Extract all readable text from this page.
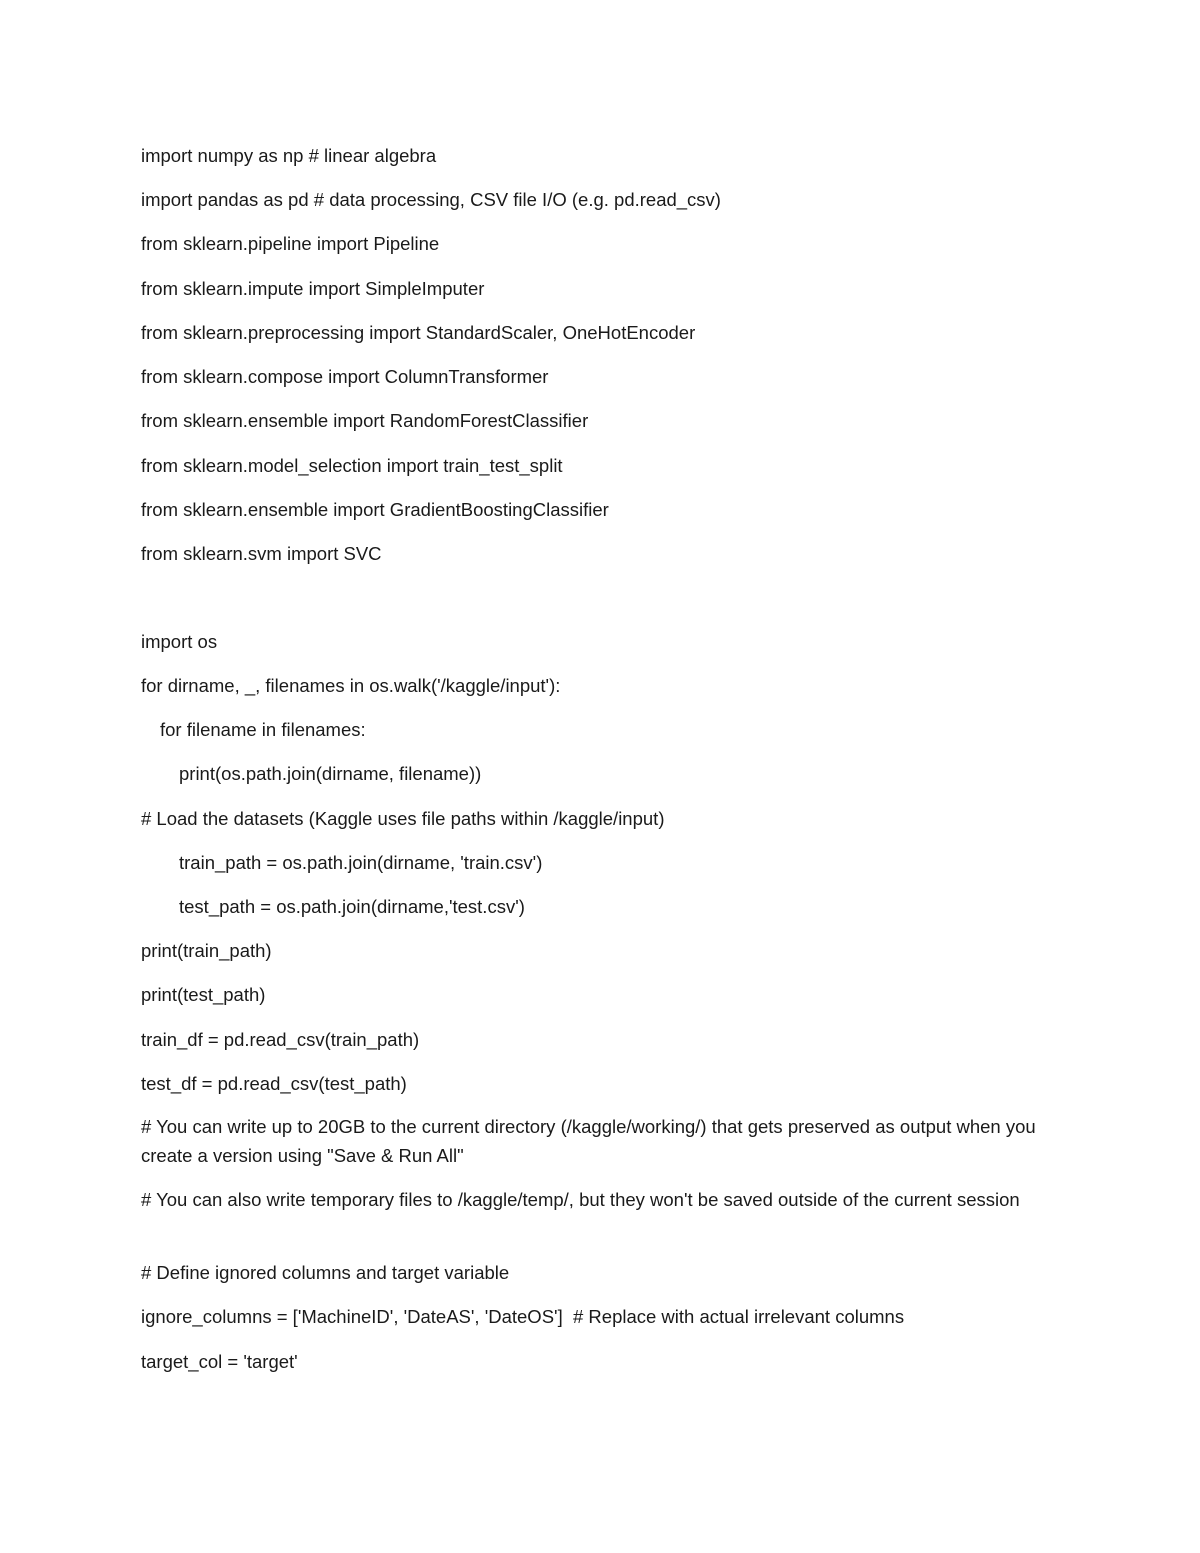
import numpy as np # linear algebra

import pandas as pd # data processing, CSV file I/O (e.g. pd.read_csv)

from sklearn.pipeline import Pipeline

from sklearn.impute import SimpleImputer

from sklearn.preprocessing import StandardScaler, OneHotEncoder

from sklearn.compose import ColumnTransformer

from sklearn.ensemble import RandomForestClassifier

from sklearn.model_selection import train_test_split

from sklearn.ensemble import GradientBoostingClassifier

from sklearn.svm import SVC

import os

for dirname, _, filenames in os.walk('/kaggle/input'):

for filename in filenames:

print(os.path.join(dirname, filename))

# Load the datasets (Kaggle uses file paths within /kaggle/input)

train_path = os.path.join(dirname, 'train.csv')

test_path = os.path.join(dirname,'test.csv')

print(train_path)

print(test_path)

train_df = pd.read_csv(train_path)

test_df = pd.read_csv(test_path)

# You can write up to 20GB to the current directory (/kaggle/working/) that gets preserved as output when you create a version using "Save & Run All"

# You can also write temporary files to /kaggle/temp/, but they won't be saved outside of the current session

# Define ignored columns and target variable

ignore_columns = ['MachineID', 'DateAS', 'DateOS']  # Replace with actual irrelevant columns

target_col = 'target'
